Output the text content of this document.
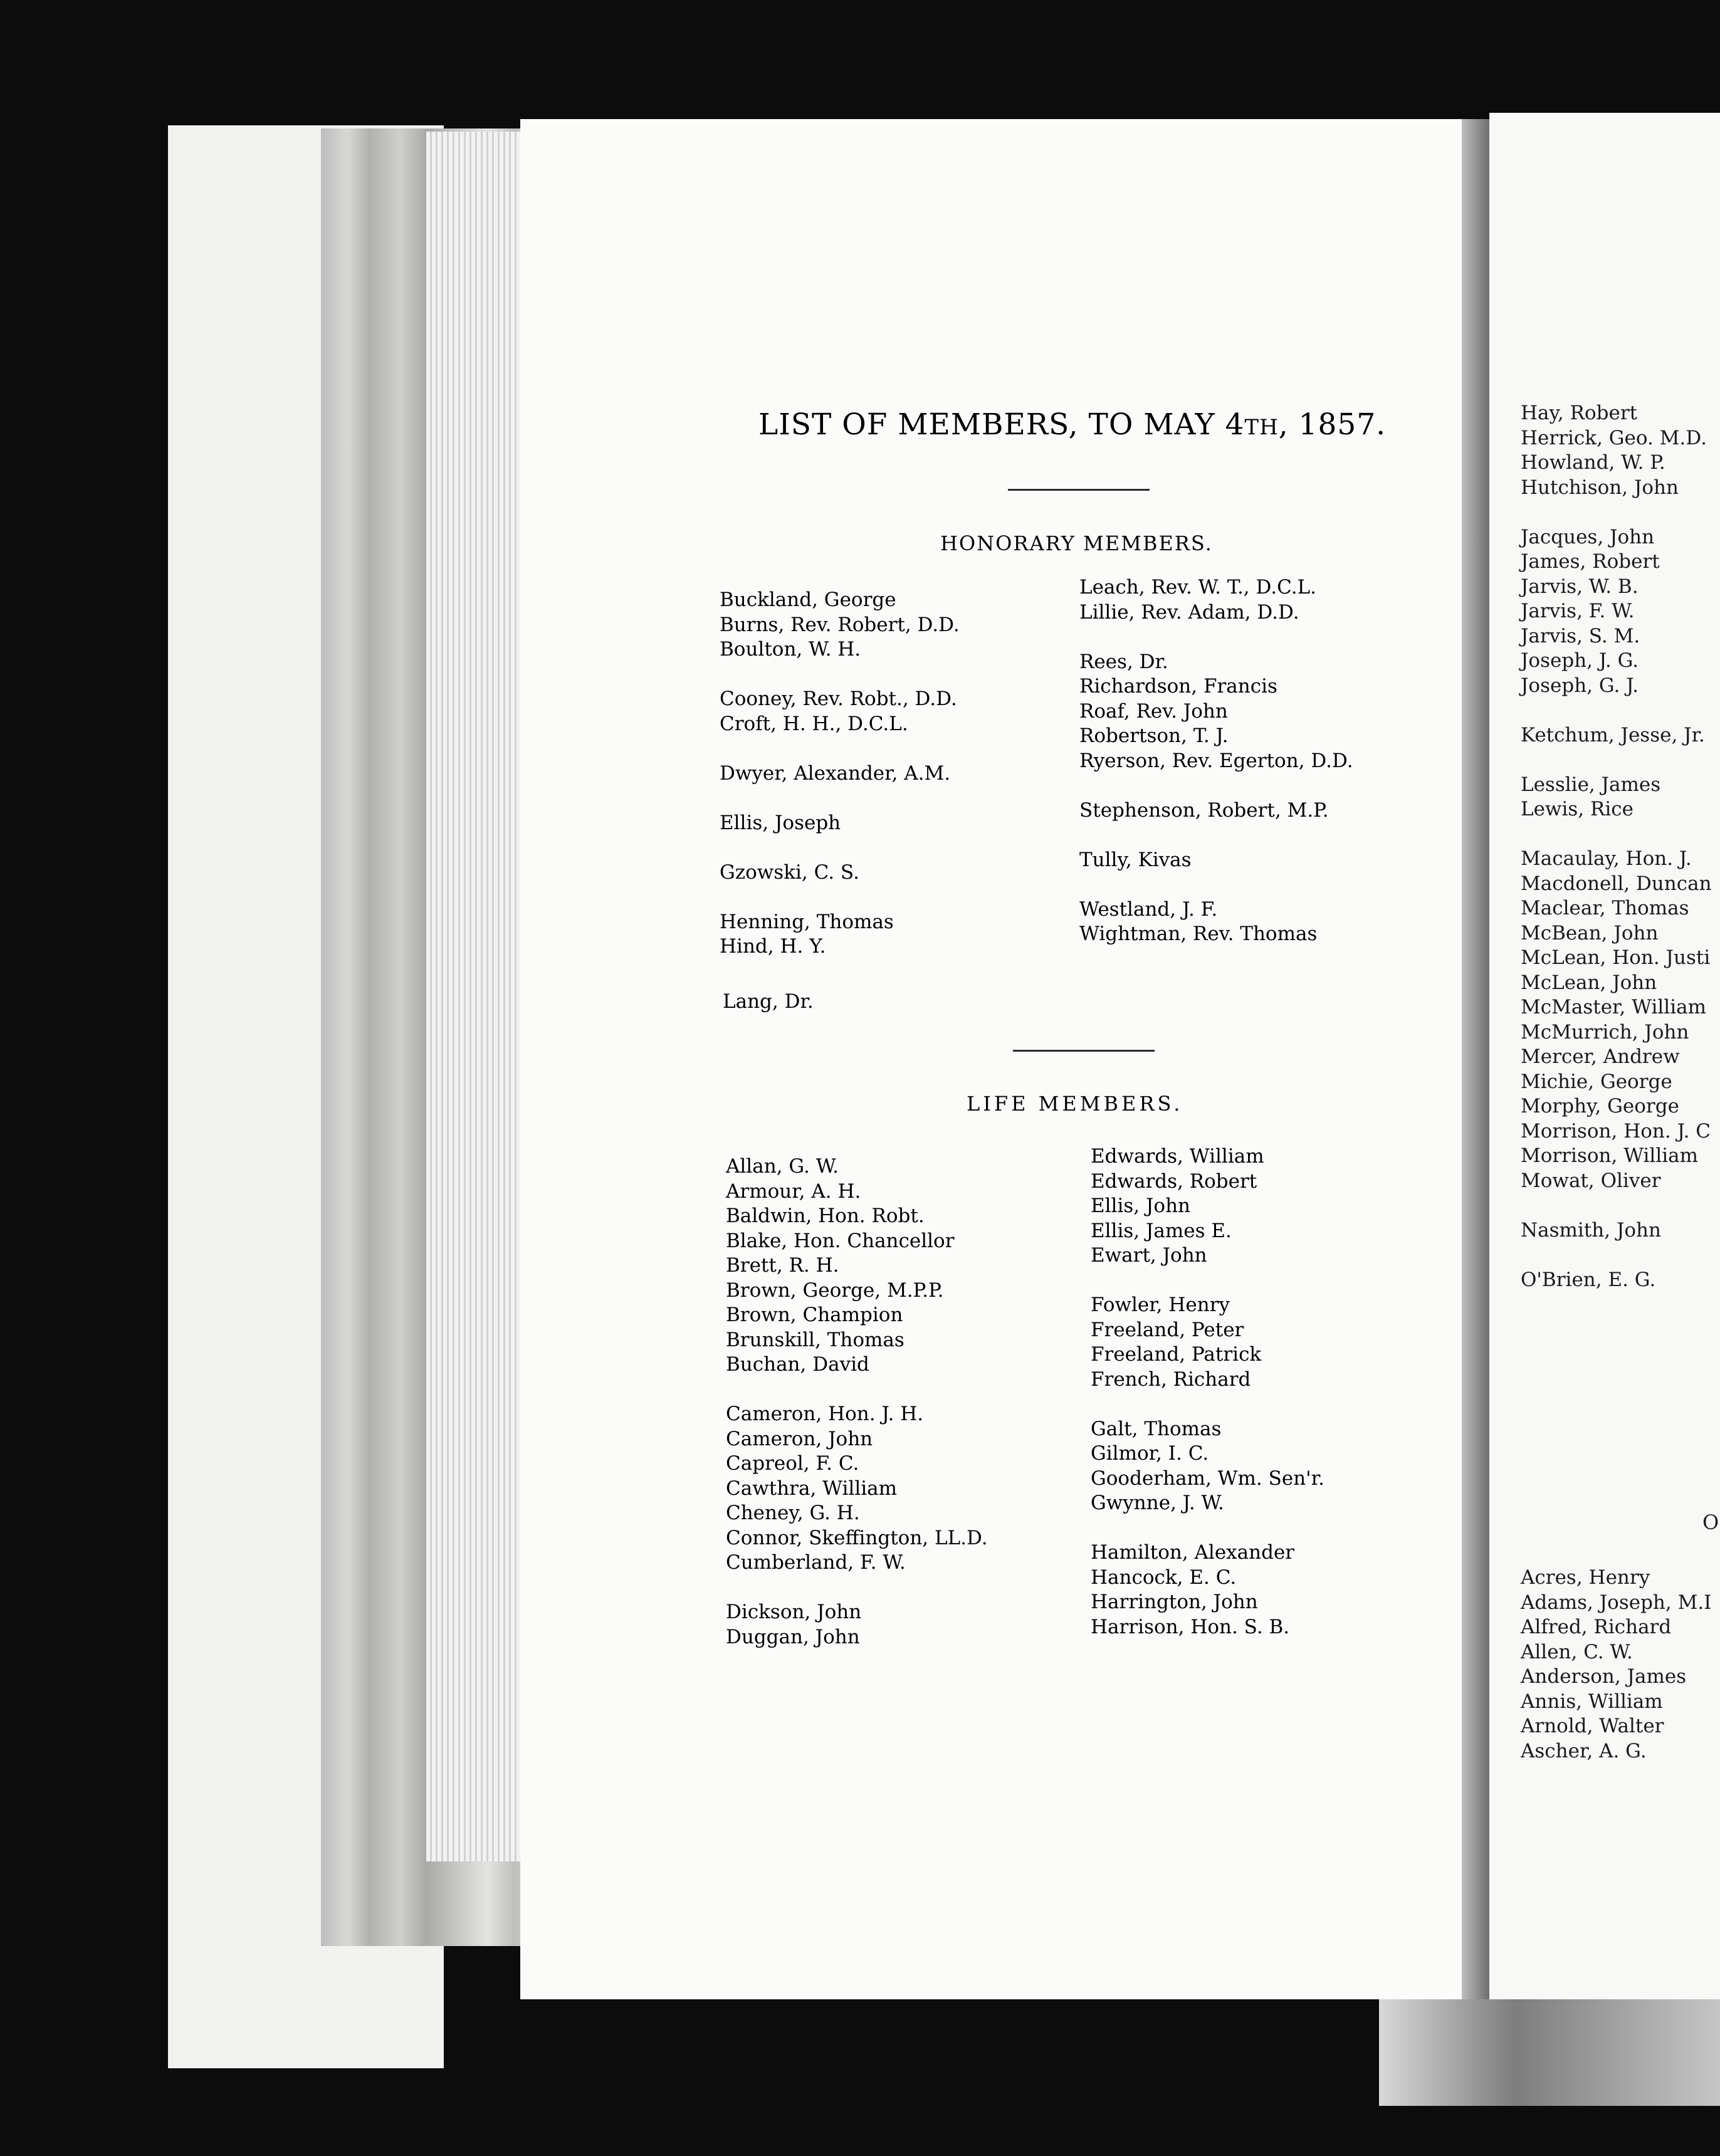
LIST OF MEMBERS, TO MAY 4TH, 1857.
HONORARY MEMBERS.
Buckland, George
Burns, Rev. Robert, D.D.
Boulton, W. H.
Cooney, Rev. Robt., D.D.
Croft, H. H., D.C.L.
Dwyer, Alexander, A.M.
Ellis, Joseph
Gzowski, C. S.
Henning, Thomas
Hind, H. Y.
Lang, Dr.
Leach, Rev. W. T., D.C.L.
Lillie, Rev. Adam, D.D.
Rees, Dr.
Richardson, Francis
Roaf, Rev. John
Robertson, T. J.
Ryerson, Rev. Egerton, D.D.
Stephenson, Robert, M.P.
Tully, Kivas
Westland, J. F.
Wightman, Rev. Thomas
LIFE MEMBERS.
Allan, G. W.
Armour, A. H.
Baldwin, Hon. Robt.
Blake, Hon. Chancellor
Brett, R. H.
Brown, George, M.P.P.
Brown, Champion
Brunskill, Thomas
Buchan, David
Cameron, Hon. J. H.
Cameron, John
Capreol, F. C.
Cawthra, William
Cheney, G. H.
Connor, Skeffington, LL.D.
Cumberland, F. W.
Dickson, John
Duggan, John
Edwards, William
Edwards, Robert
Ellis, John
Ellis, James E.
Ewart, John
Fowler, Henry
Freeland, Peter
Freeland, Patrick
French, Richard
Galt, Thomas
Gilmor, I. C.
Gooderham, Wm. Sen'r.
Gwynne, J. W.
Hamilton, Alexander
Hancock, E. C.
Harrington, John
Harrison, Hon. S. B.
Hay, Robert
Herrick, Geo. M.D.
Howland, W. P.
Hutchison, John
Jacques, John
James, Robert
Jarvis, W. B.
Jarvis, F. W.
Jarvis, S. M.
Joseph, J. G.
Joseph, G. J.
Ketchum, Jesse, Jr.
Lesslie, James
Lewis, Rice
Macaulay, Hon. J.
Macdonell, Duncan
Maclear, Thomas
McBean, John
McLean, Hon. Justi
McLean, John
McMaster, William
McMurrich, John
Mercer, Andrew
Michie, George
Morphy, George
Morrison, Hon. J. C
Morrison, William
Mowat, Oliver
Nasmith, John
O'Brien, E. G.
O
Acres, Henry
Adams, Joseph, M.I
Alfred, Richard
Allen, C. W.
Anderson, James
Annis, William
Arnold, Walter
Ascher, A. G.
